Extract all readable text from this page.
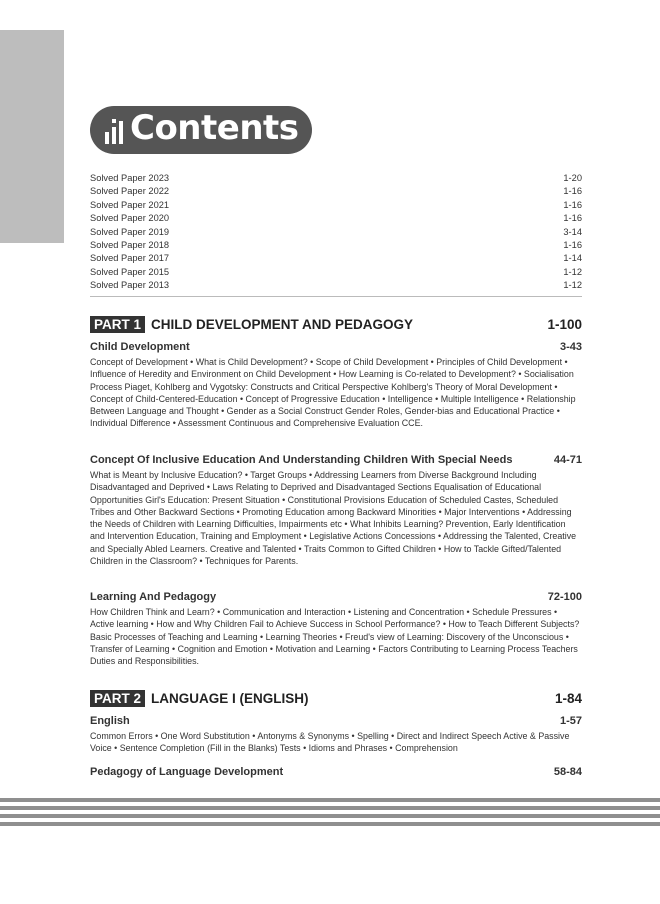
Contents
Solved Paper 2023	1-20
Solved Paper 2022	1-16
Solved Paper 2021	1-16
Solved Paper 2020	1-16
Solved Paper 2019	3-14
Solved Paper 2018	1-16
Solved Paper 2017	1-14
Solved Paper 2015	1-12
Solved Paper 2013	1-12
PART 1 CHILD DEVELOPMENT AND PEDAGOGY	1-100
Child Development	3-43
Concept of Development • What is Child Development? • Scope of Child Development • Principles of Child Development • Influence of Heredity and Environment on Child Development • How Learning is Co-related to Development? • Socialisation Process Piaget, Kohlberg and Vygotsky: Constructs and Critical Perspective Kohlberg's Theory of Moral Development • Concept of Child-Centered-Education • Concept of Progressive Education • Intelligence • Multiple Intelligence • Relationship Between Language and Thought • Gender as a Social Construct Gender Roles, Gender-bias and Educational Practice • Individual Difference • Assessment Continuous and Comprehensive Evaluation CCE.
Concept Of Inclusive Education And Understanding Children With Special Needs	44-71
What is Meant by Inclusive Education? • Target Groups • Addressing Learners from Diverse Background Including Disadvantaged and Deprived • Laws Relating to Deprived and Disadvantaged Sections Equalisation of Educational Opportunities Girl's Education: Present Situation • Constitutional Provisions Education of Scheduled Castes, Scheduled Tribes and Other Backward Sections • Promoting Education among Backward Minorities • Major Interventions • Addressing the Needs of Children with Learning Difficulties, Impairments etc • What Inhibits Learning? Prevention, Early Identification and Intervention Education, Training and Employment • Legislative Actions Concessions • Addressing the Talented, Creative and Specially Abled Learners. Creative and Talented • Traits Common to Gifted Children • How to Tackle Gifted/Talented Children in the Classroom? • Techniques for Parents.
Learning And Pedagogy	72-100
How Children Think and Learn? • Communication and Interaction • Listening and Concentration • Schedule Pressures • Active learning • How and Why Children Fail to Achieve Success in School Performance? • How to Teach Different Subjects? Basic Processes of Teaching and Learning • Learning Theories • Freud's view of Learning: Discovery of the Unconscious • Transfer of Learning • Cognition and Emotion • Motivation and Learning • Factors Contributing to Learning Process Teachers Duties and Responsibilities.
PART 2 LANGUAGE I (ENGLISH)	1-84
English	1-57
Common Errors • One Word Substitution • Antonyms & Synonyms • Spelling • Direct and Indirect Speech Active & Passive Voice • Sentence Completion (Fill in the Blanks) Tests • Idioms and Phrases • Comprehension
Pedagogy of Language Development	58-84
